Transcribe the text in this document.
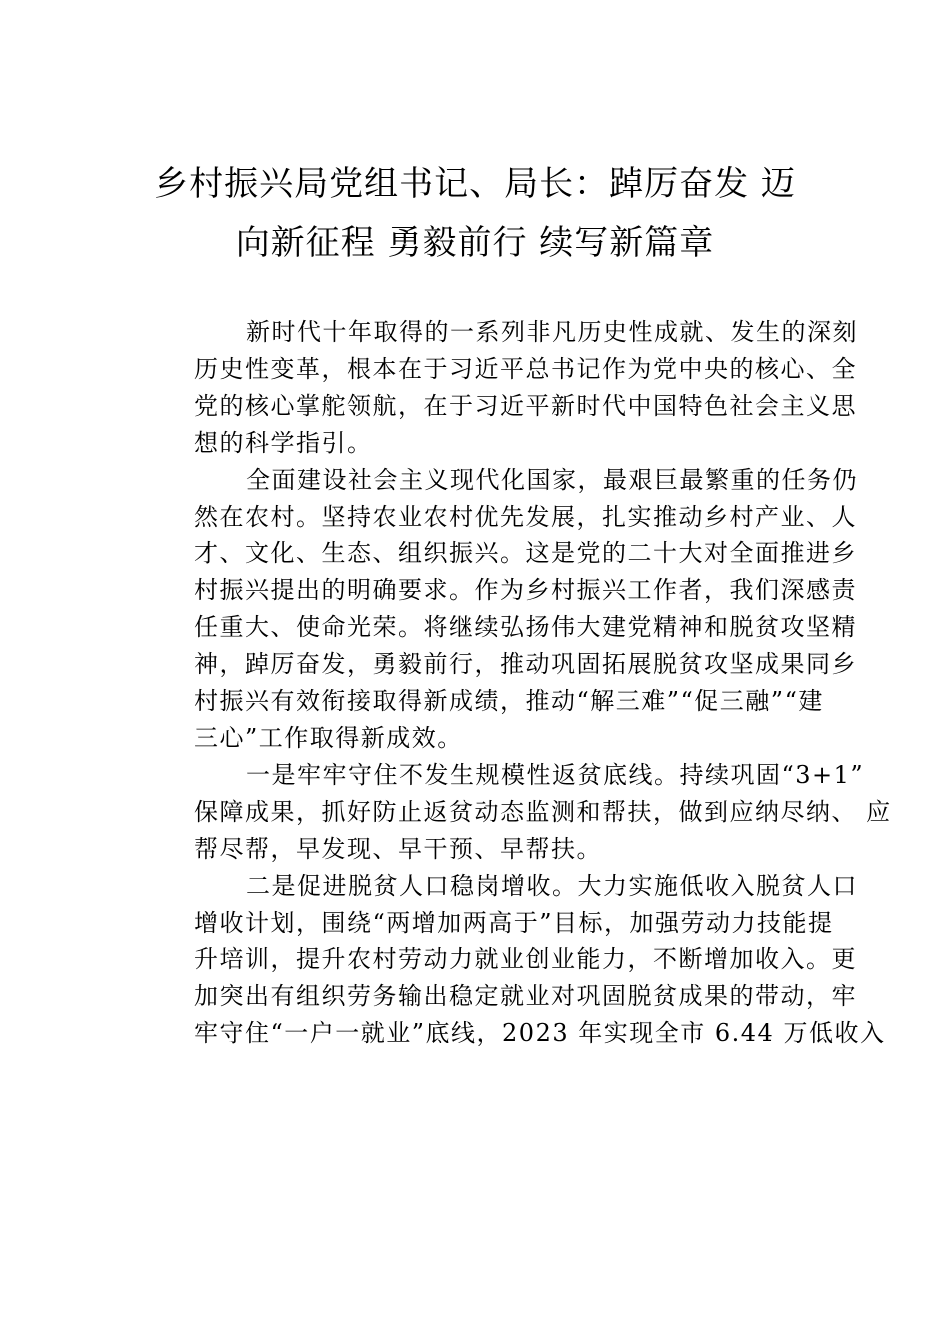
乡村振兴局党组书记、局长：踔厉奋发 迈
向新征程 勇毅前行 续写新篇章
新时代十年取得的一系列非凡历史性成就、发生的深刻
历史性变革，根本在于习近平总书记作为党中央的核心、全
党的核心掌舵领航，在于习近平新时代中国特色社会主义思
想的科学指引。
全面建设社会主义现代化国家，最艰巨最繁重的任务仍
然在农村。坚持农业农村优先发展，扎实推动乡村产业、人
才、文化、生态、组织振兴。这是党的二十大对全面推进乡
村振兴提出的明确要求。作为乡村振兴工作者，我们深感责
任重大、使命光荣。将继续弘扬伟大建党精神和脱贫攻坚精
神，踔厉奋发，勇毅前行，推动巩固拓展脱贫攻坚成果同乡
村振兴有效衔接取得新成绩，推动“解三难”“促三融”“建
三心”工作取得新成效。
一是牢牢守住不发生规模性返贫底线。持续巩固“3+1”
保障成果，抓好防止返贫动态监测和帮扶，做到应纳尽纳、 应
帮尽帮，早发现、早干预、早帮扶。
二是促进脱贫人口稳岗增收。大力实施低收入脱贫人口
增收计划，围绕“两增加两高于”目标，加强劳动力技能提
升培训，提升农村劳动力就业创业能力，不断增加收入。更
加突出有组织劳务输出稳定就业对巩固脱贫成果的带动，牢
牢守住“一户一就业”底线，2023 年实现全市 6.44 万低收入
